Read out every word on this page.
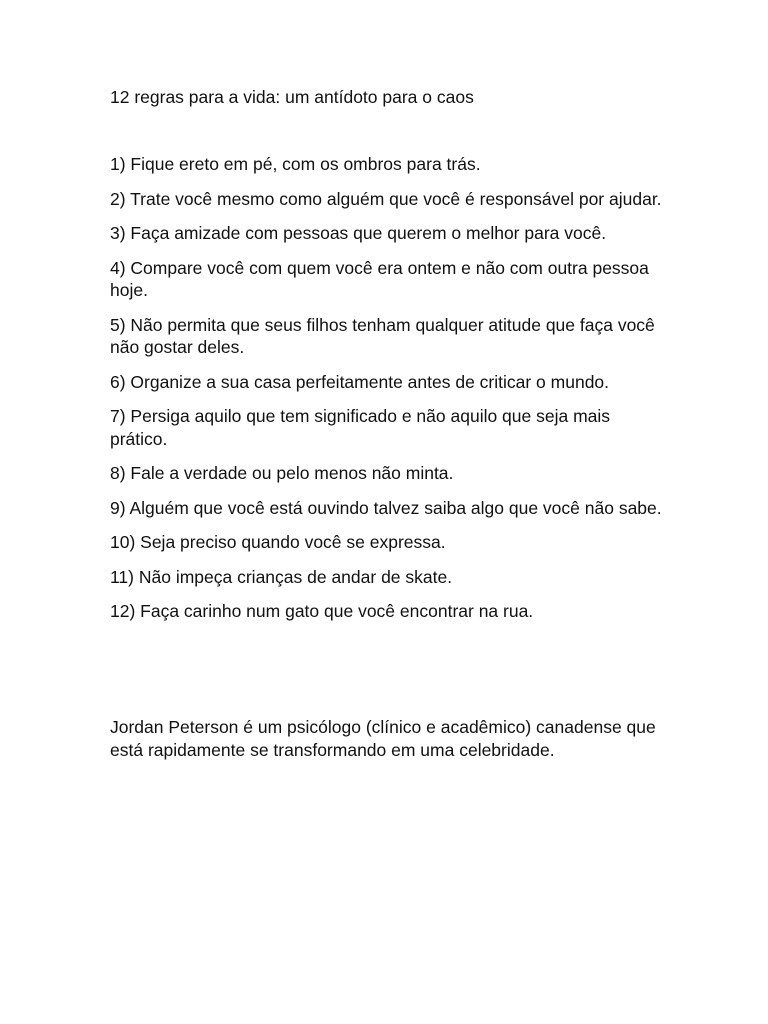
12 regras para a vida: um antídoto para o caos

1) Fique ereto em pé, com os ombros para trás.
2) Trate você mesmo como alguém que você é responsável por ajudar.
3) Faça amizade com pessoas que querem o melhor para você.
4) Compare você com quem você era ontem e não com outra pessoa hoje.
5) Não permita que seus filhos tenham qualquer atitude que faça você não gostar deles.
6) Organize a sua casa perfeitamente antes de criticar o mundo.
7) Persiga aquilo que tem significado e não aquilo que seja mais prático.
8) Fale a verdade ou pelo menos não minta.
9) Alguém que você está ouvindo talvez saiba algo que você não sabe.
10) Seja preciso quando você se expressa.
11) Não impeça crianças de andar de skate.
12) Faça carinho num gato que você encontrar na rua.

Jordan Peterson é um psicólogo (clínico e acadêmico) canadense que está rapidamente se transformando em uma celebridade.
